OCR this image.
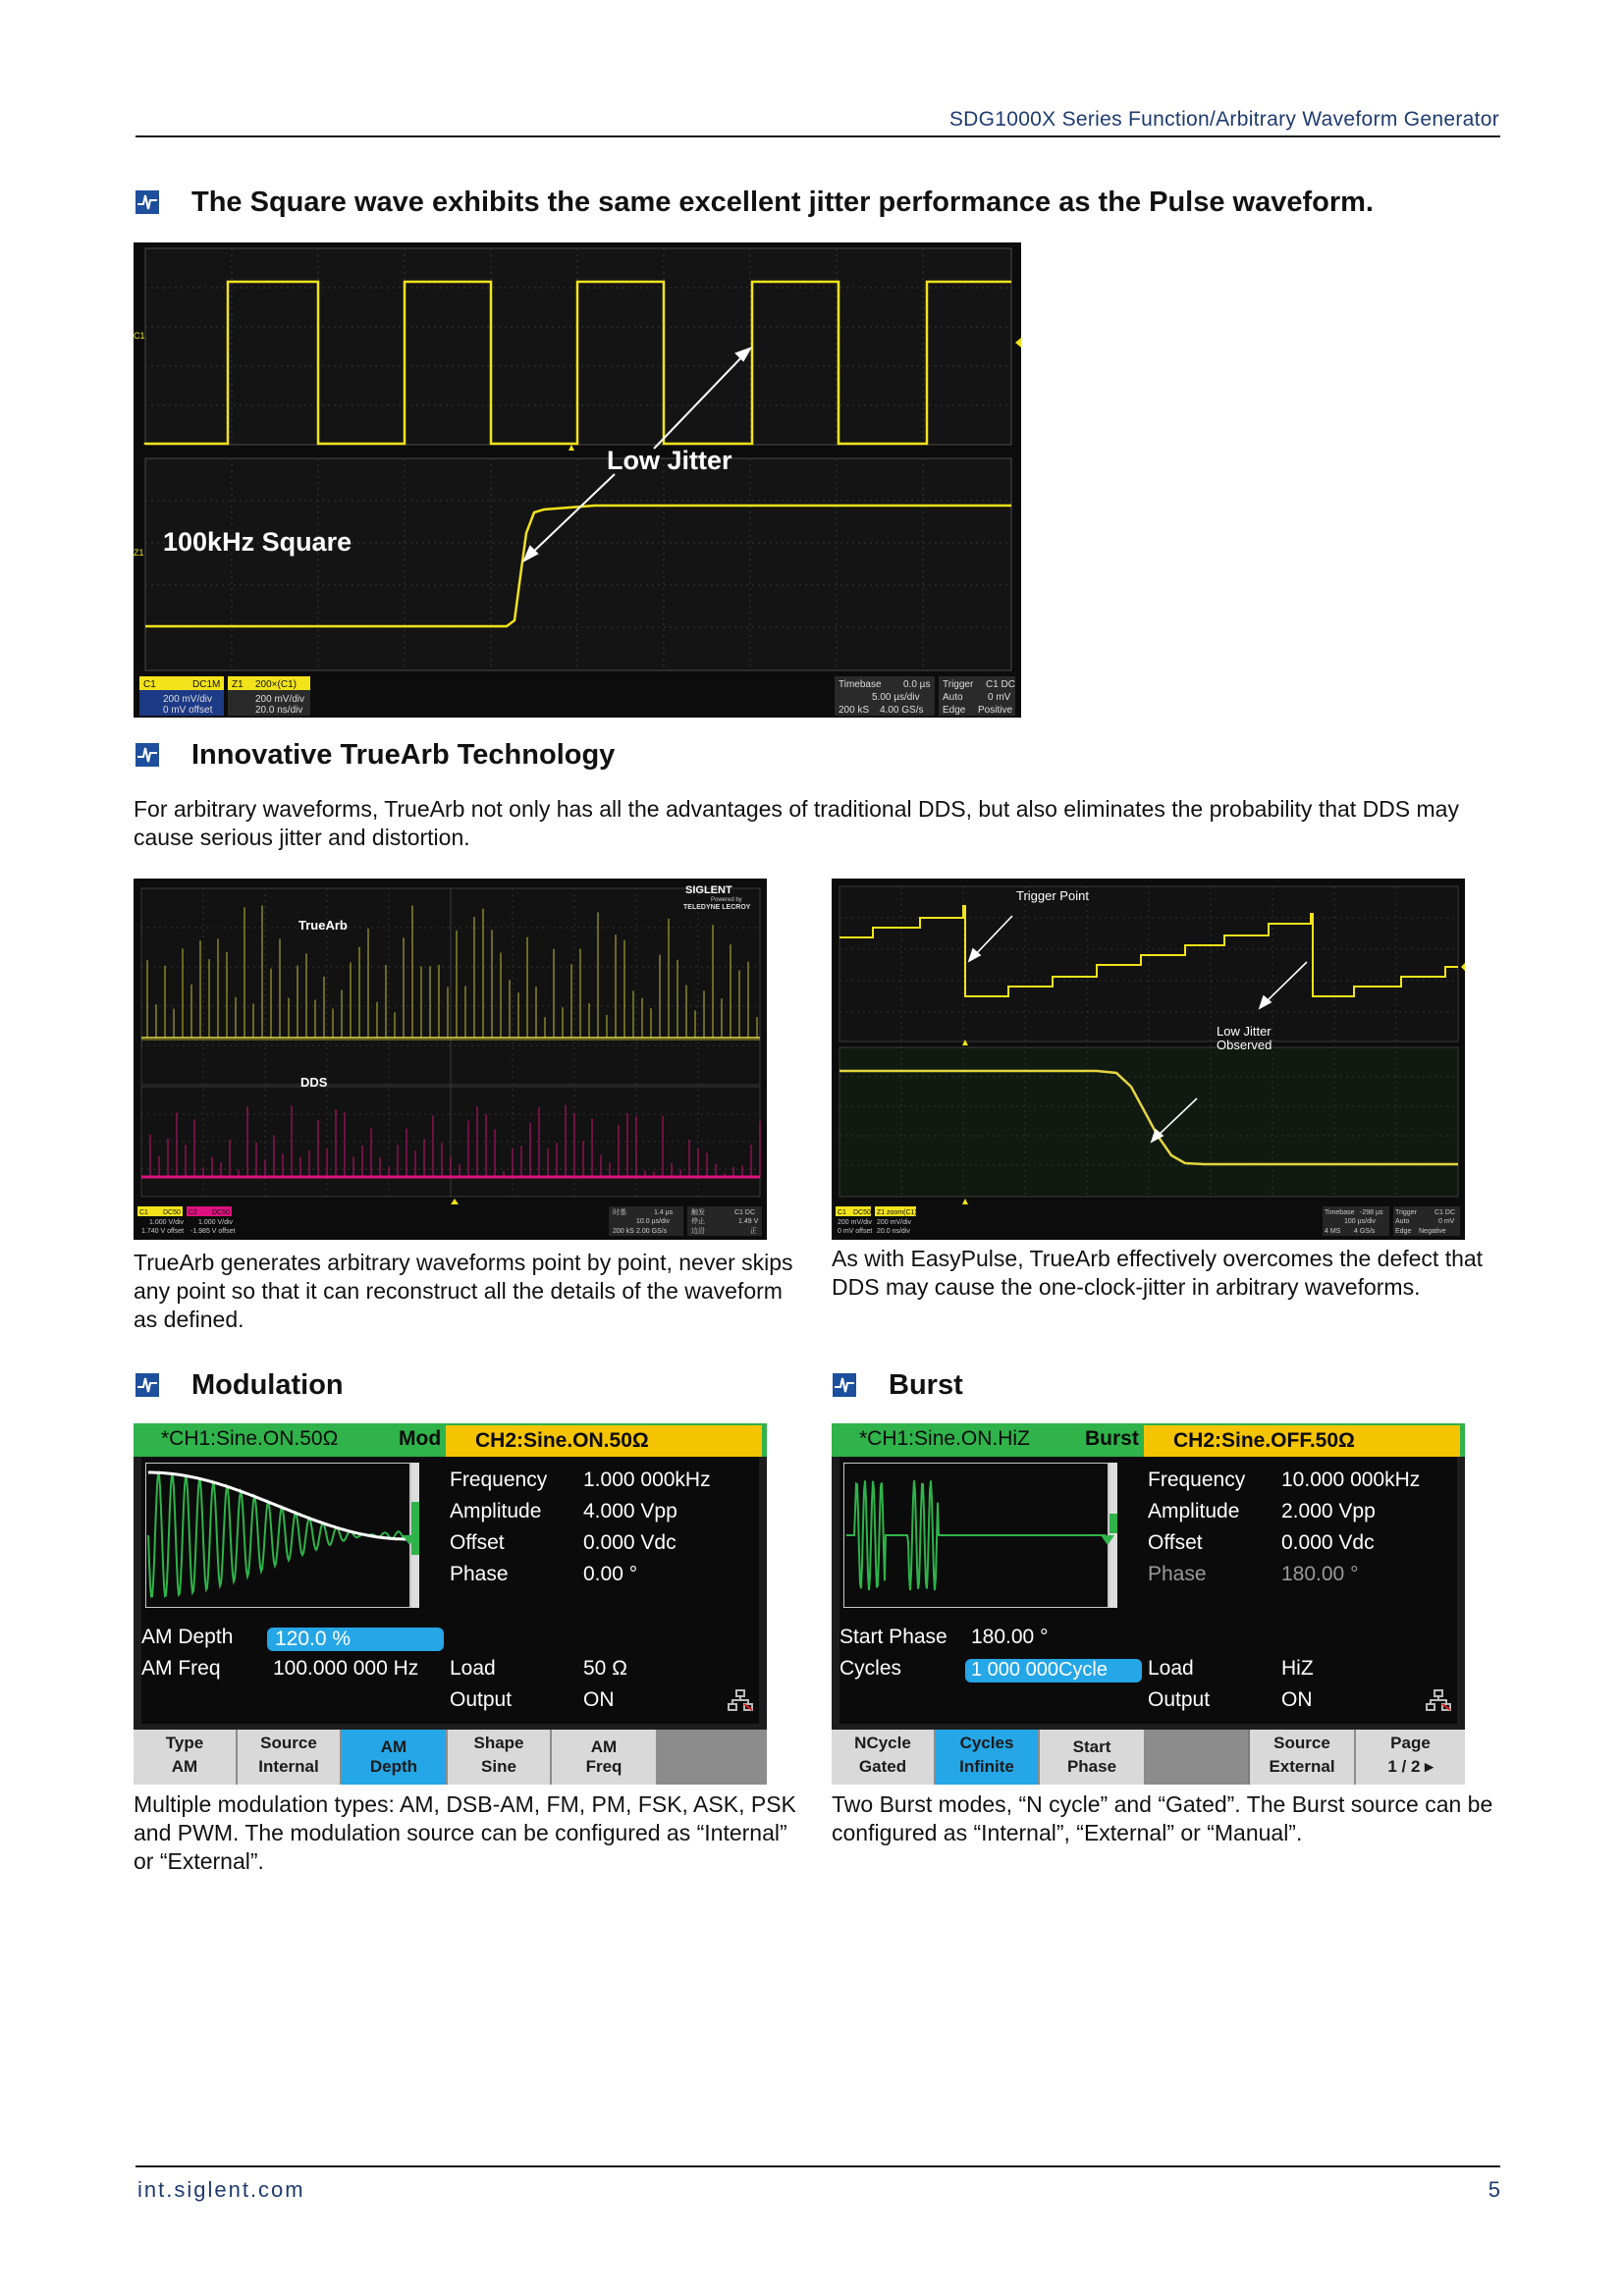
SDG1000X Series Function/Arbitrary Waveform Generator
The Square wave exhibits the same excellent jitter performance as the Pulse waveform.
C1
Z1
C1	DC1M Z1 200×(C1)
200 mV/div
0 mV offset
200 mV/div
20.0 ns/div
Timebase 0.0 µs
5.00 µs/div
200 kS 4.00 GS/s
Trigger C1 DC
Auto	0 mV
Edge Positive
Low Jitter
100kHz Square
Innovative TrueArb Technology
For arbitrary waveforms, TrueArb not only has all the advantages of traditional DDS, but also eliminates the probability that DDS may cause serious jitter and distortion.
C1 DC50 C2 DC50
1.000 V/div
1.740 V offset
1.000 V/div
-1.985 V offset
时基	1.4 µs
10.0 µs/div
200 kS 2.00 GS/s
触发	C1 DC
停止	1.49 V
边沿	正
SIGLENT
Powered by
TELEDYNE LECROY
TrueArb
DDS
TrueArb generates arbitrary waveforms point by point, never skips any point so that it can reconstruct all the details of the waveform as defined.
C1 DC50 Z1 zoom(C1)
200 mV/div
0 mV offset
200 mV/div
20.0 ns/div
Timebase -298 µs
100 µs/div
4 MS 4 GS/s
Trigger	C1 DC
Auto	0 mV
Edge Negative
Trigger Point
Low Jitter
Observed
As with EasyPulse, TrueArb effectively overcomes the defect that DDS may cause the one-clock-jitter in arbitrary waveforms.
Modulation
*CH1:Sine.ON.50Ω	Mod	CH2:Sine.ON.50Ω
Frequency 1.000 000kHz
Amplitude 4.000 Vpp
Offset	0.000 Vdc
Phase	0.00 °
AM Depth 120.0 %
AM Freq	100.000 000 Hz Load	50 Ω
Output	ON
Type
AM
Source
Internal
AM
Depth
Shape
Sine
AM
Freq
Multiple modulation types: AM, DSB-AM, FM, PM, FSK, ASK, PSK and PWM. The modulation source can be configured as “Internal” or “External”.
Burst
*CH1:Sine.ON.HiZ	Burst	CH2:Sine.OFF.50Ω
Frequency 10.000 000kHz
Amplitude 2.000 Vpp
Offset	0.000 Vdc
Phase	180.00 °
Start Phase 180.00 °
Cycles	1 000 000Cycle Load	HiZ
Output	ON
NCycle
Gated
Cycles
Infinite
Start
Phase
Source
External
Page
1 / 2 ▸
Two Burst modes, “N cycle” and “Gated”. The Burst source can be configured as “Internal”, “External” or “Manual”.
int.siglent.com	5
